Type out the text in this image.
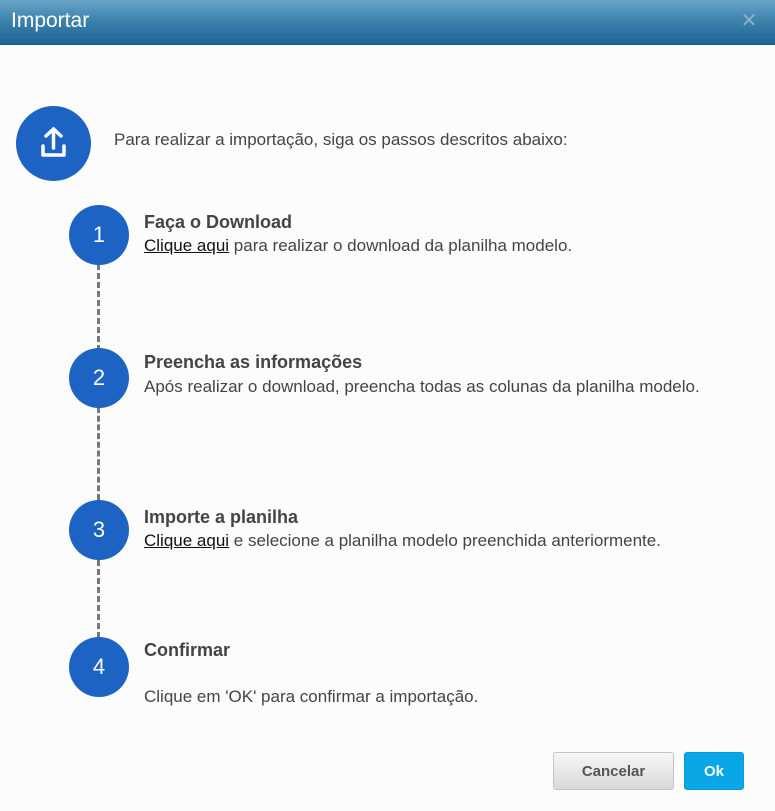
Importar	✕
Para realizar a importação, siga os passos descritos abaixo:
1	Faça o Download
Clique aqui para realizar o download da planilha modelo.
2
Preencha as informações
Após realizar o download, preencha todas as colunas da planilha modelo.
3	Importe a planilha
Clique aqui e selecione a planilha modelo preenchida anteriormente.
4
Confirmar
Clique em 'OK' para confirmar a importação.
Cancelar	Ok
